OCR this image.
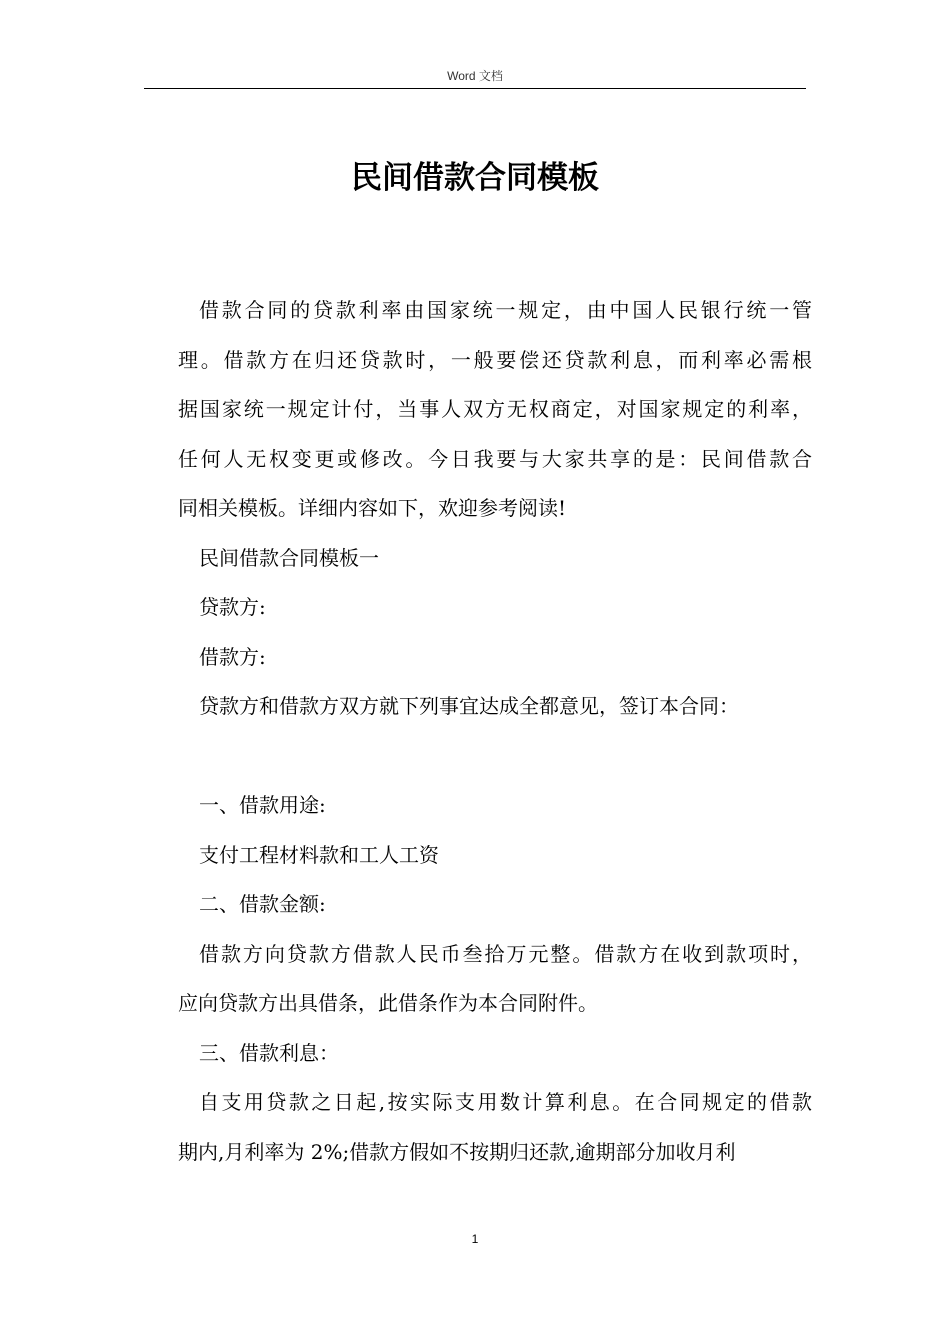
Word 文档
民间借款合同模板

借款合同的贷款利率由国家统一规定，由中国人民银行统一管

理。借款方在归还贷款时，一般要偿还贷款利息，而利率必需根

据国家统一规定计付，当事人双方无权商定，对国家规定的利率，

任何人无权变更或修改。今日我要与大家共享的是：民间借款合

同相关模板。详细内容如下，欢迎参考阅读!

民间借款合同模板一

贷款方:

借款方:

贷款方和借款方双方就下列事宜达成全都意见，签订本合同：

一、借款用途:

支付工程材料款和工人工资

二、借款金额:

借款方向贷款方借款人民币叁拾万元整。借款方在收到款项时，

应向贷款方出具借条，此借条作为本合同附件。

三、借款利息：

自支用贷款之日起,按实际支用数计算利息。在合同规定的借款

期内,月利率为 2%;借款方假如不按期归还款,逾期部分加收月利

1
